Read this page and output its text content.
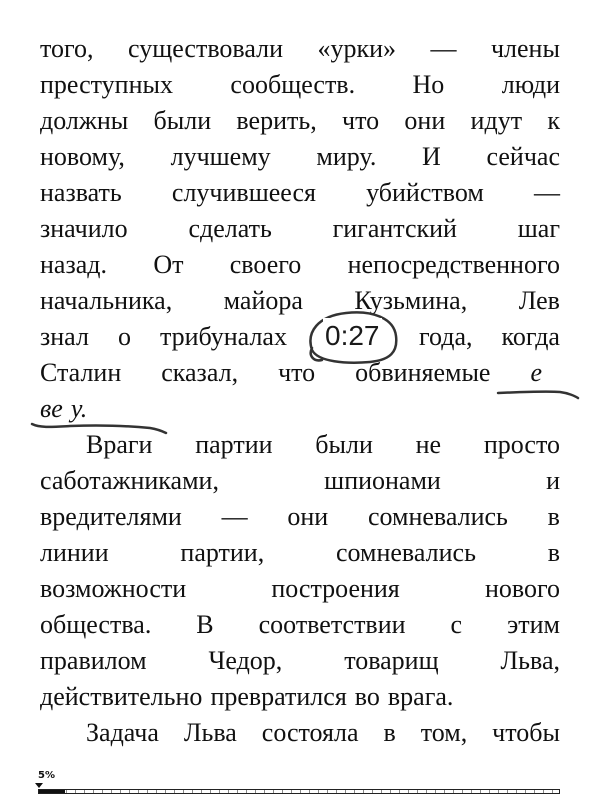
того, существовали «урки» — члены
преступных сообществ. Но люди
должны были верить, что они идут к
новому, лучшему миру. И сейчас
назвать случившееся убийством —
значило сделать гигантский шаг
назад. От своего непосредственного
начальника, майора Кузьмина, Лев
знал о трибуналах	года, когда
Сталин сказал, что обвиняемые е
ве у.
Враги партии были не просто
саботажниками,	шпионами	и
вредителями — они сомневались в
линии	партии,	сомневались	в
возможности	построения	нового
общества. В соответствии с этим
правилом Чедор, товарищ Льва,
действительно превратился во врага.
Задача Льва состояла в том, чтобы
0:27
5%
